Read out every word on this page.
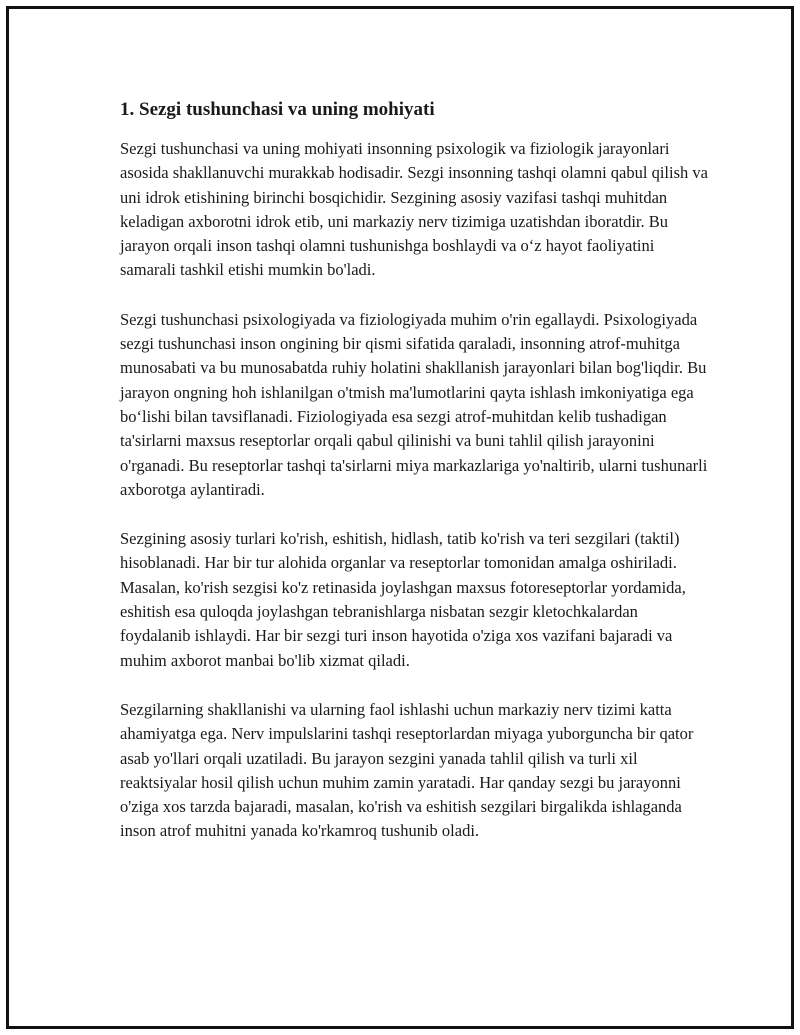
1. Sezgi tushunchasi va uning mohiyati

Sezgi tushunchasi va uning mohiyati insonning psixologik va fiziologik jarayonlari asosida shakllanuvchi murakkab hodisadir. Sezgi insonning tashqi olamni qabul qilish va uni idrok etishining birinchi bosqichidir. Sezgining asosiy vazifasi tashqi muhitdan keladigan axborotni idrok etib, uni markaziy nerv tizimiga uzatishdan iboratdir. Bu jarayon orqali inson tashqi olamni tushunishga boshlaydi va o‘z hayot faoliyatini samarali tashkil etishi mumkin bo'ladi.

Sezgi tushunchasi psixologiyada va fiziologiyada muhim o'rin egallaydi. Psixologiyada sezgi tushunchasi inson ongining bir qismi sifatida qaraladi, insonning atrof-muhitga munosabati va bu munosabatda ruhiy holatini shakllanish jarayonlari bilan bog'liqdir. Bu jarayon ongning hoh ishlanilgan o'tmish ma'lumotlarini qayta ishlash imkoniyatiga ega bo‘lishi bilan tavsiflanadi. Fiziologiyada esa sezgi atrof-muhitdan kelib tushadigan ta'sirlarni maxsus reseptorlar orqali qabul qilinishi va buni tahlil qilish jarayonini o'rganadi. Bu reseptorlar tashqi ta'sirlarni miya markazlariga yo'naltirib, ularni tushunarli axborotga aylantiradi.

Sezgining asosiy turlari ko'rish, eshitish, hidlash, tatib ko'rish va teri sezgilari (taktil) hisoblanadi. Har bir tur alohida organlar va reseptorlar tomonidan amalga oshiriladi. Masalan, ko'rish sezgisi ko'z retinasida joylashgan maxsus fotoreseptorlar yordamida, eshitish esa quloqda joylashgan tebranishlarga nisbatan sezgir kletochkalardan foydalanib ishlaydi. Har bir sezgi turi inson hayotida o'ziga xos vazifani bajaradi va muhim axborot manbai bo'lib xizmat qiladi.

Sezgilarning shakllanishi va ularning faol ishlashi uchun markaziy nerv tizimi katta ahamiyatga ega. Nerv impulslarini tashqi reseptorlardan miyaga yuborguncha bir qator asab yo'llari orqali uzatiladi. Bu jarayon sezgini yanada tahlil qilish va turli xil reaktsiyalar hosil qilish uchun muhim zamin yaratadi. Har qanday sezgi bu jarayonni o'ziga xos tarzda bajaradi, masalan, ko'rish va eshitish sezgilari birgalikda ishlaganda inson atrof muhitni yanada ko'rkamroq tushunib oladi.
